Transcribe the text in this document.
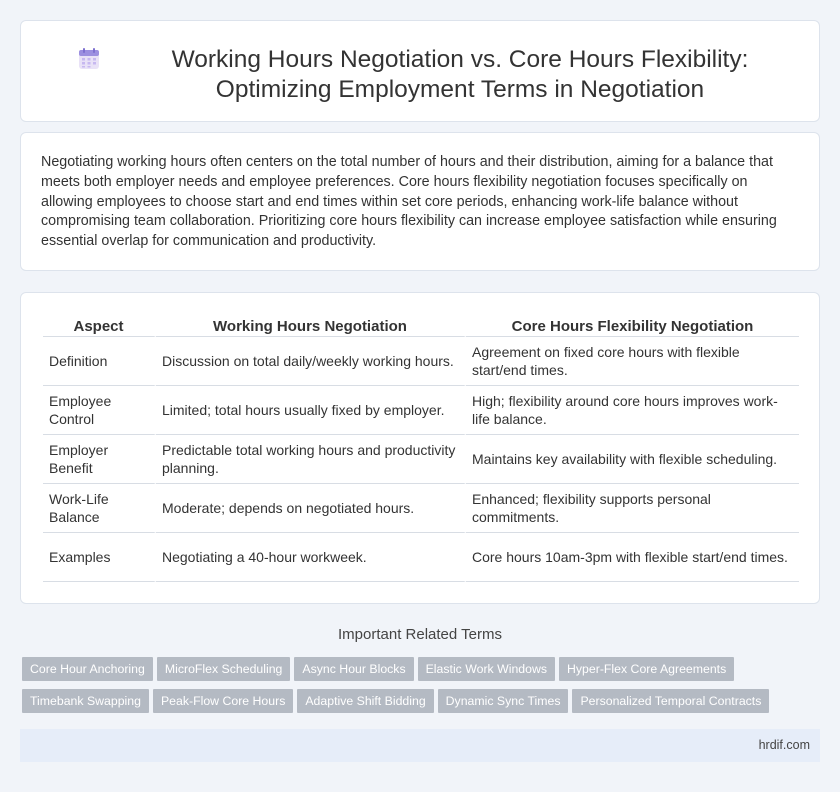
Working Hours Negotiation vs. Core Hours Flexibility: Optimizing Employment Terms in Negotiation

Negotiating working hours often centers on the total number of hours and their distribution, aiming for a balance that meets both employer needs and employee preferences. Core hours flexibility negotiation focuses specifically on allowing employees to choose start and end times within set core periods, enhancing work-life balance without compromising team collaboration. Prioritizing core hours flexibility can increase employee satisfaction while ensuring essential overlap for communication and productivity.

Aspect	Working Hours Negotiation	Core Hours Flexibility Negotiation
Definition	Discussion on total daily/weekly working hours.	Agreement on fixed core hours with flexible start/end times.
Employee Control	Limited; total hours usually fixed by employer.	High; flexibility around core hours improves work-life balance.
Employer Benefit	Predictable total working hours and productivity planning.	Maintains key availability with flexible scheduling.
Work-Life Balance	Moderate; depends on negotiated hours.	Enhanced; flexibility supports personal commitments.
Examples	Negotiating a 40-hour workweek.	Core hours 10am-3pm with flexible start/end times.
Important Related Terms
Core Hour Anchoring MicroFlex Scheduling Async Hour Blocks Elastic Work Windows Hyper-Flex Core Agreements
Timebank Swapping Peak-Flow Core Hours Adaptive Shift Bidding Dynamic Sync Times Personalized Temporal Contracts
hrdif.com
